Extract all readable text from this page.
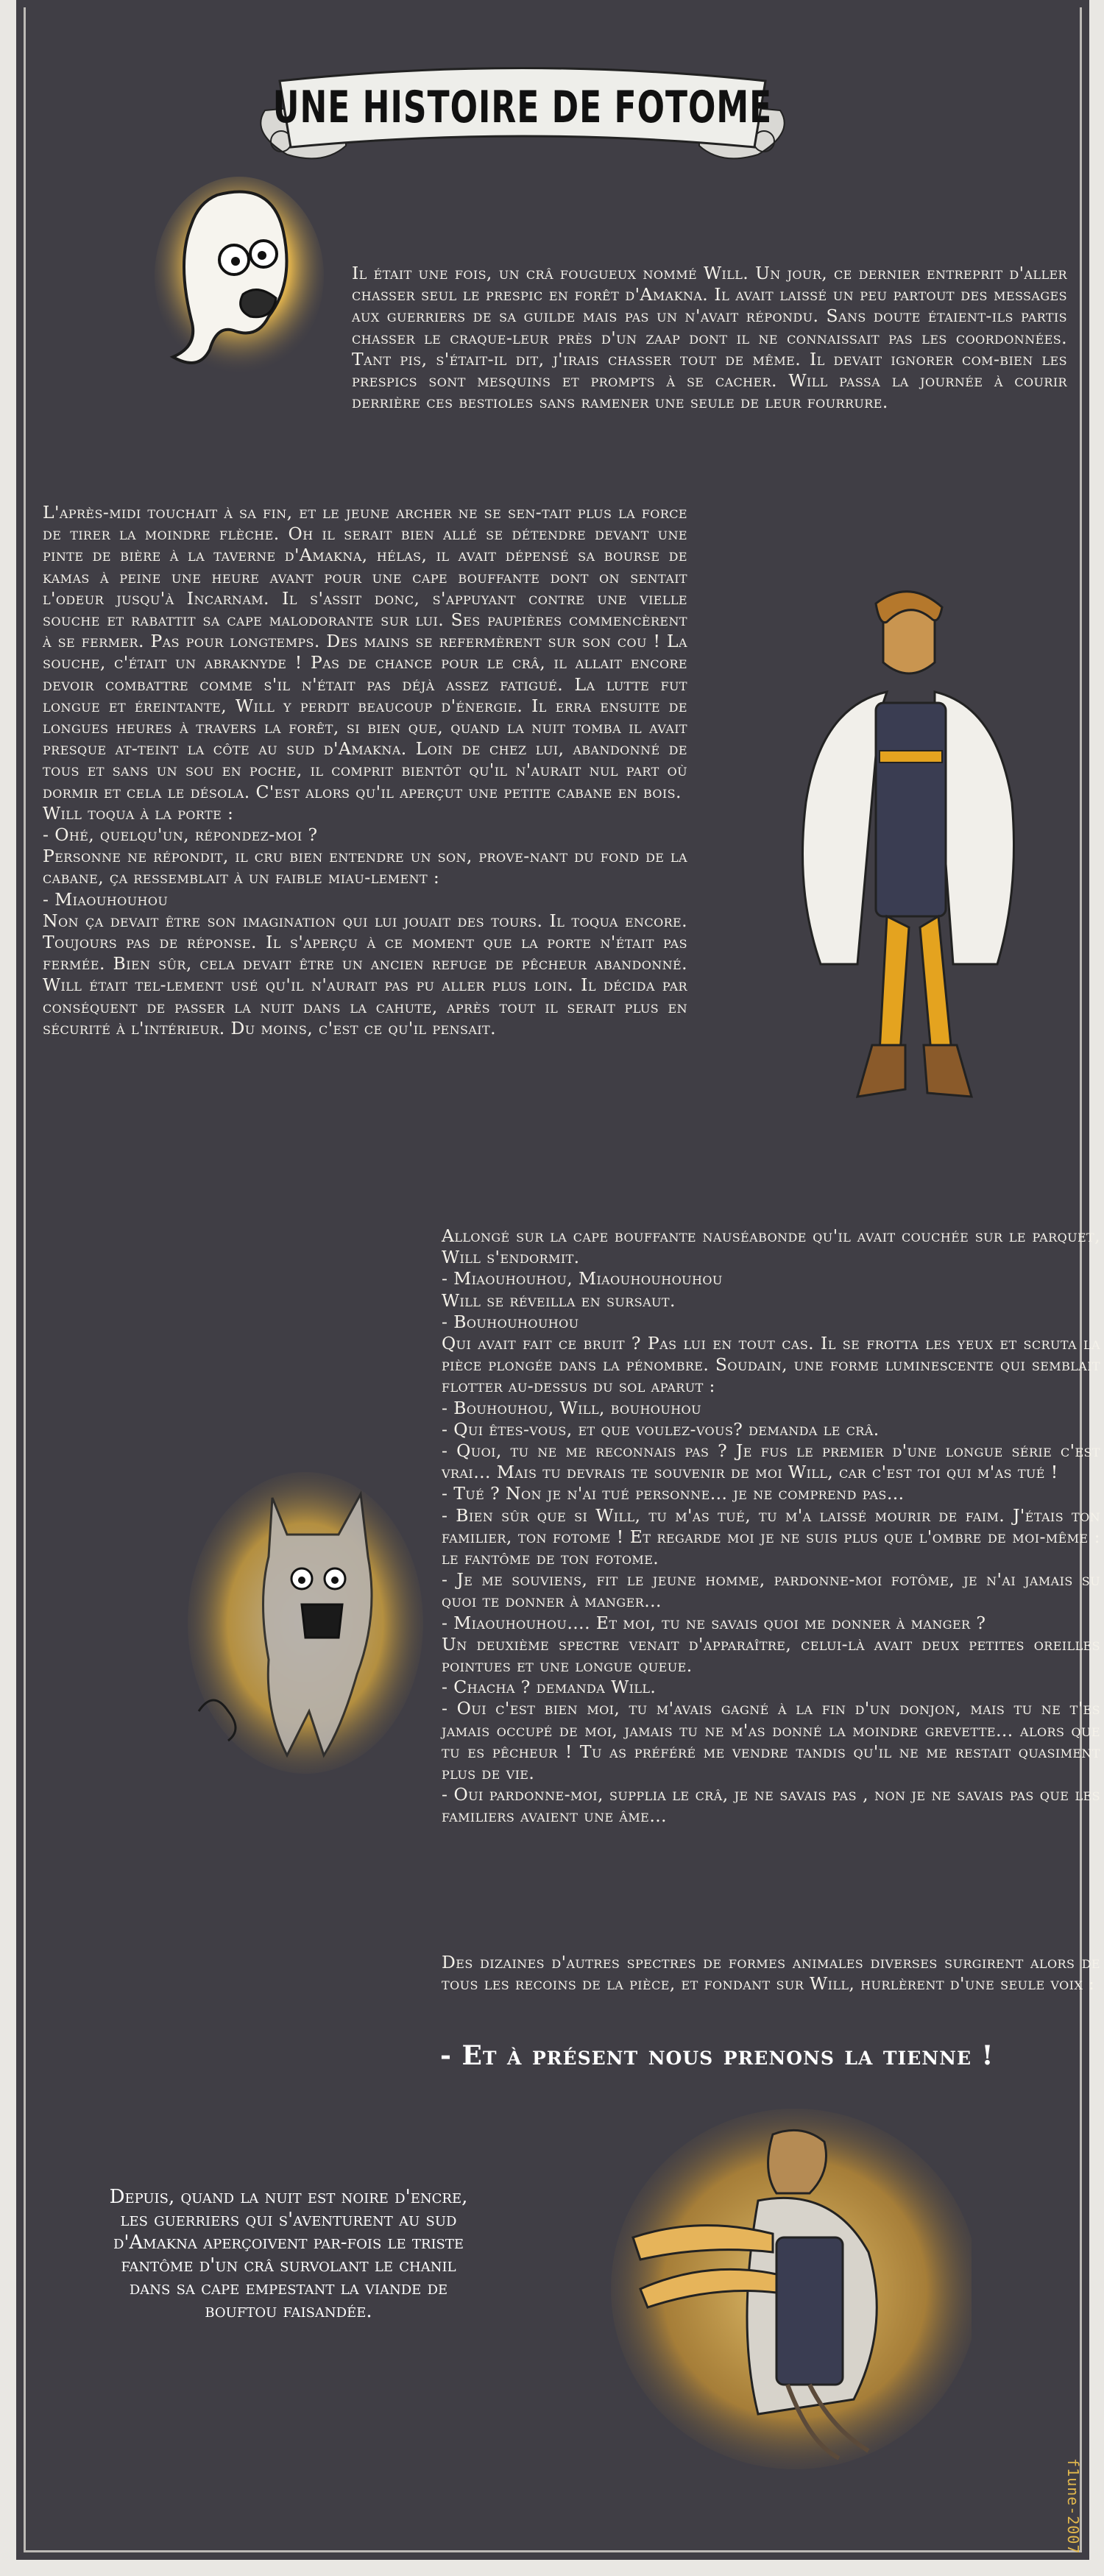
UNE HISTOIRE DE FOTOME
Il était une fois, un crâ fougueux nommé Will. Un jour, ce dernier entreprit d'aller chasser seul le prespic en forêt d'Amakna. Il avait laissé un peu partout des messages aux guerriers de sa guilde mais pas un n'avait répondu. Sans doute étaient-ils partis chasser le craque-leur près d'un zaap dont il ne connaissait pas les coordonnées. Tant pis, s'était-il dit, j'irais chasser tout de même. Il devait ignorer com-bien les prespics sont mesquins et prompts à se cacher. Will passa la journée à courir derrière ces bestioles sans ramener une seule de leur fourrure.
L'après-midi touchait à sa fin, et le jeune archer ne se sen-tait plus la force de tirer la moindre flèche. Oh il serait bien allé se détendre devant une pinte de bière à la taverne d'Amakna, hélas, il avait dépensé sa bourse de kamas à peine une heure avant pour une cape bouffante dont on sentait l'odeur jusqu'à Incarnam. Il s'assit donc, s'appuyant contre une vielle souche et rabattit sa cape malodorante sur lui. Ses paupières commencèrent à se fermer. Pas pour longtemps. Des mains se refermèrent sur son cou ! La souche, c'était un abraknyde ! Pas de chance pour le crâ, il allait encore devoir combattre comme s'il n'était pas déjà assez fatigué. La lutte fut longue et éreintante, Will y perdit beaucoup d'énergie. Il erra ensuite de longues heures à travers la forêt, si bien que, quand la nuit tomba il avait presque at-teint la côte au sud d'Amakna. Loin de chez lui, abandonné de tous et sans un sou en poche, il comprit bientôt qu'il n'aurait nul part où dormir et cela le désola. C'est alors qu'il aperçut une petite cabane en bois.
Will toqua à la porte :
- Ohé, quelqu'un, répondez-moi ?
Personne ne répondit, il cru bien entendre un son, prove-nant du fond de la cabane, ça ressemblait à un faible miau-lement :
- Miaouhouhou
Non ça devait être son imagination qui lui jouait des tours. Il toqua encore. Toujours pas de réponse. Il s'aperçu à ce moment que la porte n'était pas fermée. Bien sûr, cela devait être un ancien refuge de pêcheur abandonné. Will était tel-lement usé qu'il n'aurait pas pu aller plus loin. Il décida par conséquent de passer la nuit dans la cahute, après tout il serait plus en sécurité à l'intérieur. Du moins, c'est ce qu'il pensait.
Allongé sur la cape bouffante nauséabonde qu'il avait couchée sur le parquet, Will s'endormit.
- Miaouhouhou, Miaouhouhouhou
Will se réveilla en sursaut.
- Bouhouhouhou
Qui avait fait ce bruit ? Pas lui en tout cas. Il se frotta les yeux et scruta la pièce plongée dans la pénombre. Soudain, une forme luminescente qui semblait flotter au-dessus du sol aparut :
- Bouhouhou, Will, bouhouhou
- Qui êtes-vous, et que voulez-vous? demanda le crâ.
- Quoi, tu ne me reconnais pas ? Je fus le premier d'une longue série c'est vrai… Mais tu devrais te souvenir de moi Will, car c'est toi qui m'as tué !
- Tué ? Non je n'ai tué personne… je ne comprend pas…
- Bien sûr que si Will, tu m'as tué, tu m'a laissé mourir de faim. J'étais ton familier, ton fotome ! Et regarde moi je ne suis plus que l'ombre de moi-même : le fantôme de ton fotome.
- Je me souviens, fit le jeune homme, pardonne-moi fotôme, je n'ai jamais su quoi te donner à manger…
- Miaouhouhou…. Et moi, tu ne savais quoi me donner à manger ?
Un deuxième spectre venait d'apparaître, celui-là avait deux petites oreilles pointues et une longue queue.
- Chacha ? demanda Will.
- Oui c'est bien moi, tu m'avais gagné à la fin d'un donjon, mais tu ne t'es jamais occupé de moi, jamais tu ne m'as donné la moindre grevette… alors que tu es pêcheur ! Tu as préféré me vendre tandis qu'il ne me restait quasiment plus de vie.
- Oui pardonne-moi, supplia le crâ, je ne savais pas , non je ne savais pas que les familiers avaient une âme…
Des dizaines d'autres spectres de formes animales diverses surgirent alors de tous les recoins de la pièce, et fondant sur Will, hurlèrent d'une seule voix :
- Et à présent nous prenons la tienne !
Depuis, quand la nuit est noire d'encre, les guerriers qui s'aventurent au sud d'Amakna aperçoivent par-fois le triste fantôme d'un crâ survolant le chanil dans sa cape empestant la viande de bouftou faisandée.
f1une-2007
